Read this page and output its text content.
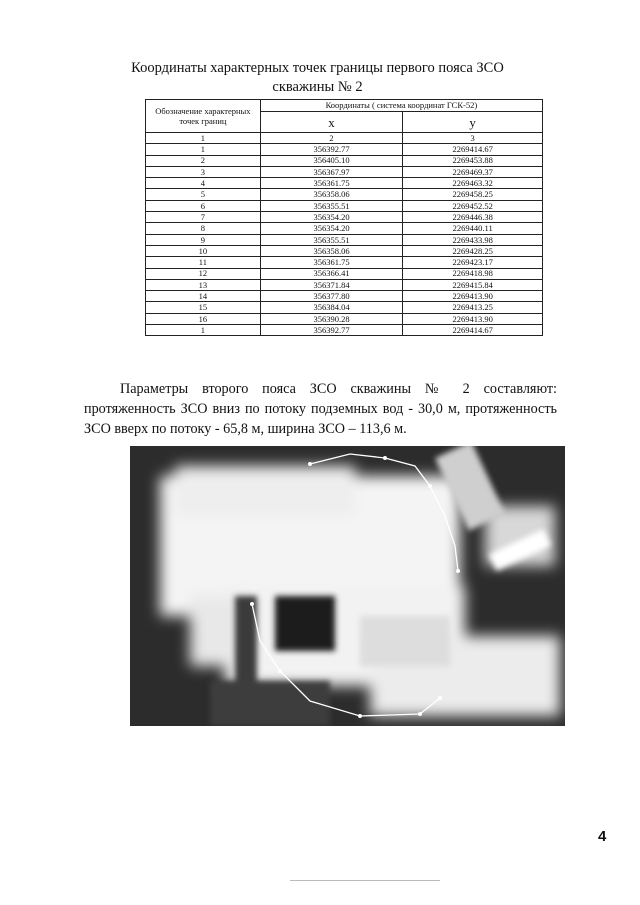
Координаты характерных точек границы первого пояса ЗСО
скважины № 2
Обозначение характерных точек границ	Координаты ( система координат ГСК-52)	
	x	y
1	2	3
1	356392.77	2269414.67
2	356405.10	2269453.88
3	356367.97	2269469.37
4	356361.75	2269463.32
5	356358.06	2269458.25
6	356355.51	2269452.52
7	356354.20	2269446.38
8	356354.20	2269440.11
9	356355.51	2269433.98
10	356358.06	2269428.25
11	356361.75	2269423.17
12	356366.41	2269418.98
13	356371.84	2269415.84
14	356377.80	2269413.90
15	356384.04	2269413.25
16	356390.28	2269413.90
1	356392.77	2269414.67
Параметры второго пояса ЗСО скважины № 2 составляют: протяженность ЗСО вниз по потоку подземных вод - 30,0 м, протяженность ЗСО вверх по потоку - 65,8 м, ширина ЗСО – 113,6 м.
4
